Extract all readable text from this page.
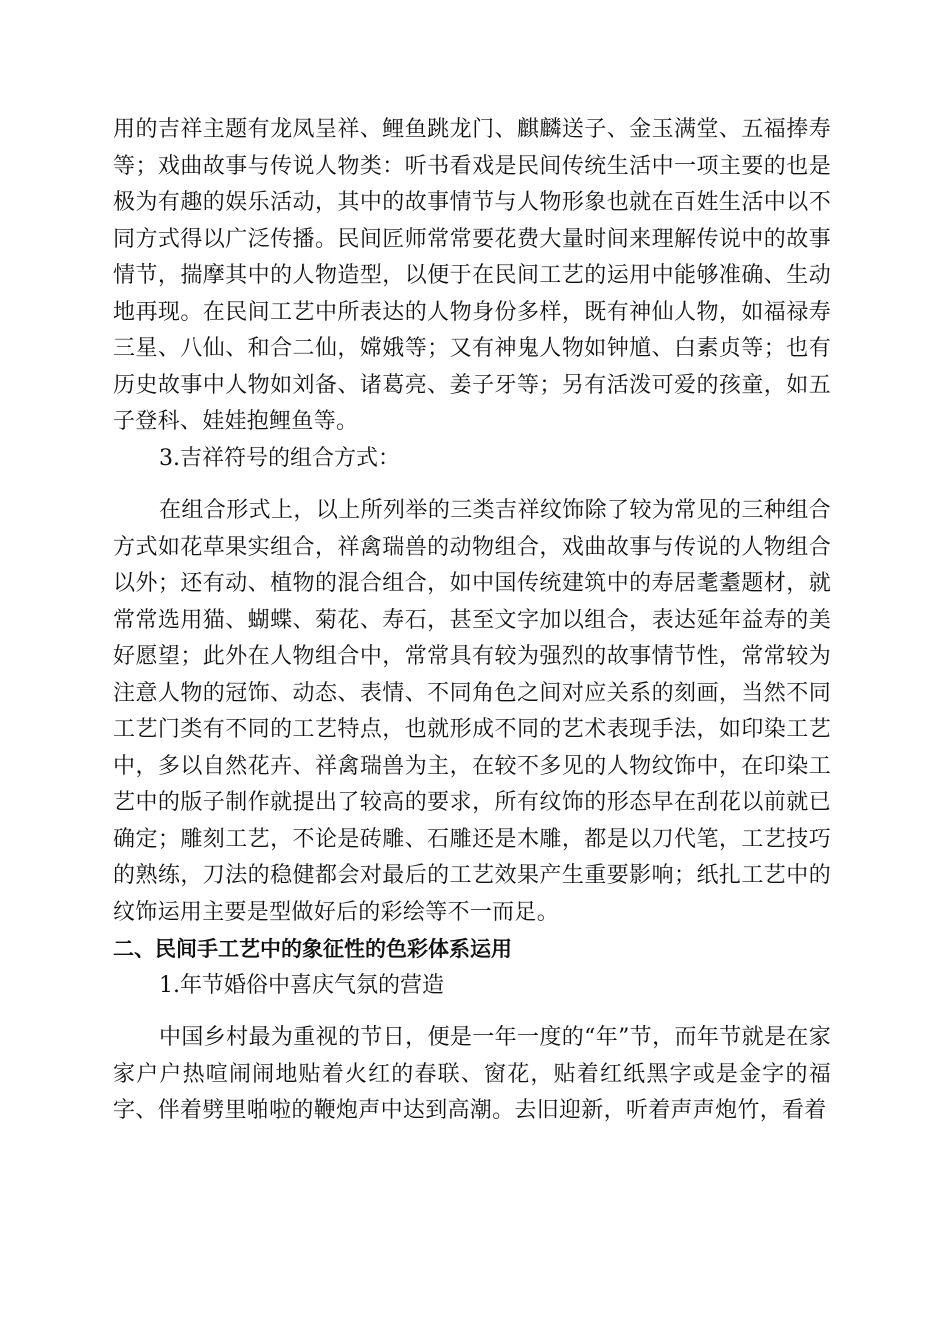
用的吉祥主题有龙凤呈祥、鲤鱼跳龙门、麒麟送子、金玉满堂、五福捧寿等；戏曲故事与传说人物类：听书看戏是民间传统生活中一项主要的也是极为有趣的娱乐活动，其中的故事情节与人物形象也就在百姓生活中以不同方式得以广泛传播。民间匠师常常要花费大量时间来理解传说中的故事情节，揣摩其中的人物造型，以便于在民间工艺的运用中能够准确、生动地再现。在民间工艺中所表达的人物身份多样，既有神仙人物，如福禄寿三星、八仙、和合二仙，嫦娥等；又有神鬼人物如钟馗、白素贞等；也有历史故事中人物如刘备、诸葛亮、姜子牙等；另有活泼可爱的孩童，如五子登科、娃娃抱鲤鱼等。

3.吉祥符号的组合方式：

在组合形式上，以上所列举的三类吉祥纹饰除了较为常见的三种组合方式如花草果实组合，祥禽瑞兽的动物组合，戏曲故事与传说的人物组合以外；还有动、植物的混合组合，如中国传统建筑中的寿居耄耋题材，就常常选用猫、蝴蝶、菊花、寿石，甚至文字加以组合，表达延年益寿的美好愿望；此外在人物组合中，常常具有较为强烈的故事情节性，常常较为注意人物的冠饰、动态、表情、不同角色之间对应关系的刻画，当然不同工艺门类有不同的工艺特点，也就形成不同的艺术表现手法，如印染工艺中，多以自然花卉、祥禽瑞兽为主，在较不多见的人物纹饰中，在印染工艺中的版子制作就提出了较高的要求，所有纹饰的形态早在刮花以前就已确定；雕刻工艺，不论是砖雕、石雕还是木雕，都是以刀代笔，工艺技巧的熟练，刀法的稳健都会对最后的工艺效果产生重要影响；纸扎工艺中的纹饰运用主要是型做好后的彩绘等不一而足。

二、民间手工艺中的象征性的色彩体系运用

1.年节婚俗中喜庆气氛的营造

中国乡村最为重视的节日，便是一年一度的“年”节，而年节就是在家家户户热喧闹闹地贴着火红的春联、窗花，贴着红纸黑字或是金字的福字、伴着劈里啪啦的鞭炮声中达到高潮。去旧迎新，听着声声炮竹，看着
